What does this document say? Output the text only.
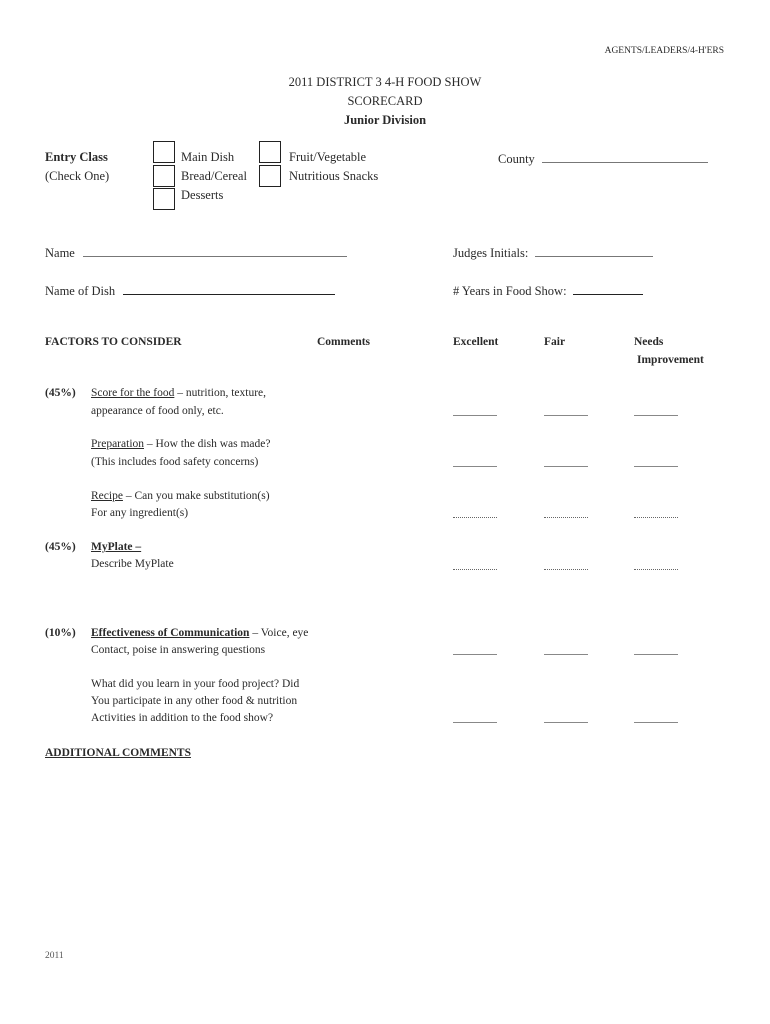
AGENTS/LEADERS/4-H'ERS
2011 DISTRICT 3 4-H FOOD SHOW
SCORECARD
Junior Division
Entry Class
(Check One)
Main Dish
Bread/Cereal
Desserts
Fruit/Vegetable
Nutritious Snacks
County
Name	Judges Initials:
Name of Dish	# Years in Food Show:
FACTORS TO CONSIDER	Comments	Excellent	Fair	Needs
Improvement
(45%) Score for the food – nutrition, texture,
appearance of food only, etc.
Preparation – How the dish was made?
(This includes food safety concerns)
Recipe – Can you make substitution(s)
For any ingredient(s)
(45%) MyPlate –
Describe MyPlate
(10%) Effectiveness of Communication – Voice, eye
Contact, poise in answering questions
What did you learn in your food project? Did
You participate in any other food & nutrition
Activities in addition to the food show?
ADDITIONAL COMMENTS
2011
